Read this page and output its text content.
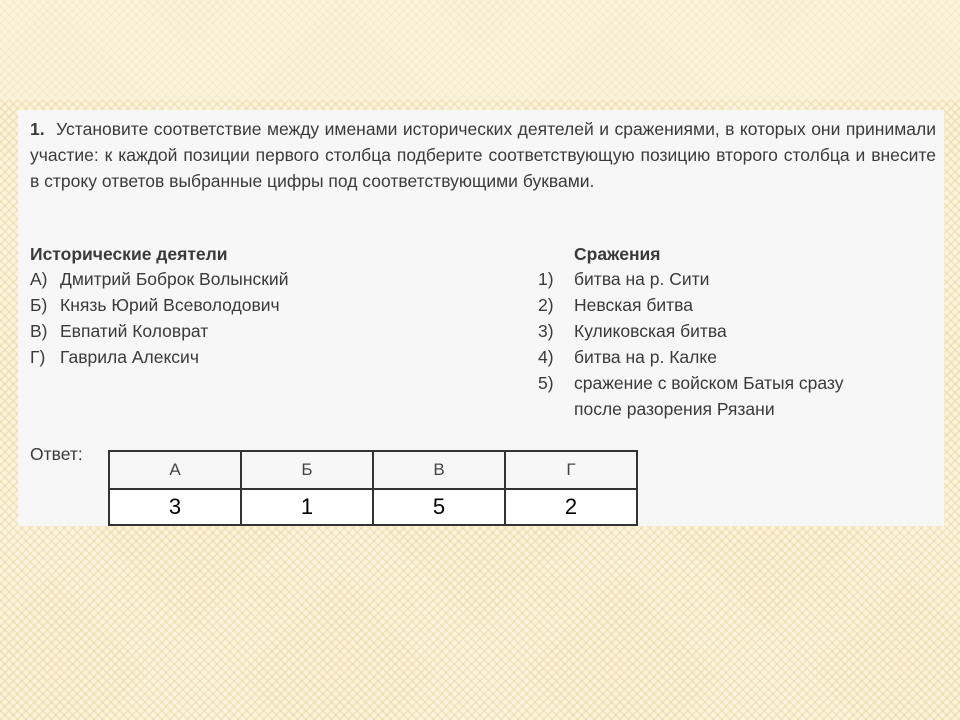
1. Установите соответствие между именами исторических деятелей и сражениями, в которых они принимали участие: к каждой позиции первого столбца подберите соответствующую позицию второго столбца и внесите в строку ответов выбранные цифры под соответствующими буквами.
Исторические деятели
А) Дмитрий Боброк Волынский
Б) Князь Юрий Всеволодович
В) Евпатий Коловрат
Г) Гаврила Алексич
Сражения
1) битва на р. Сити
2) Невская битва
3) Куликовская битва
4) битва на р. Калке
5) сражение с войском Батыя сразу после разорения Рязани
Ответ:
А	Б	В	Г
3	1	5	2
